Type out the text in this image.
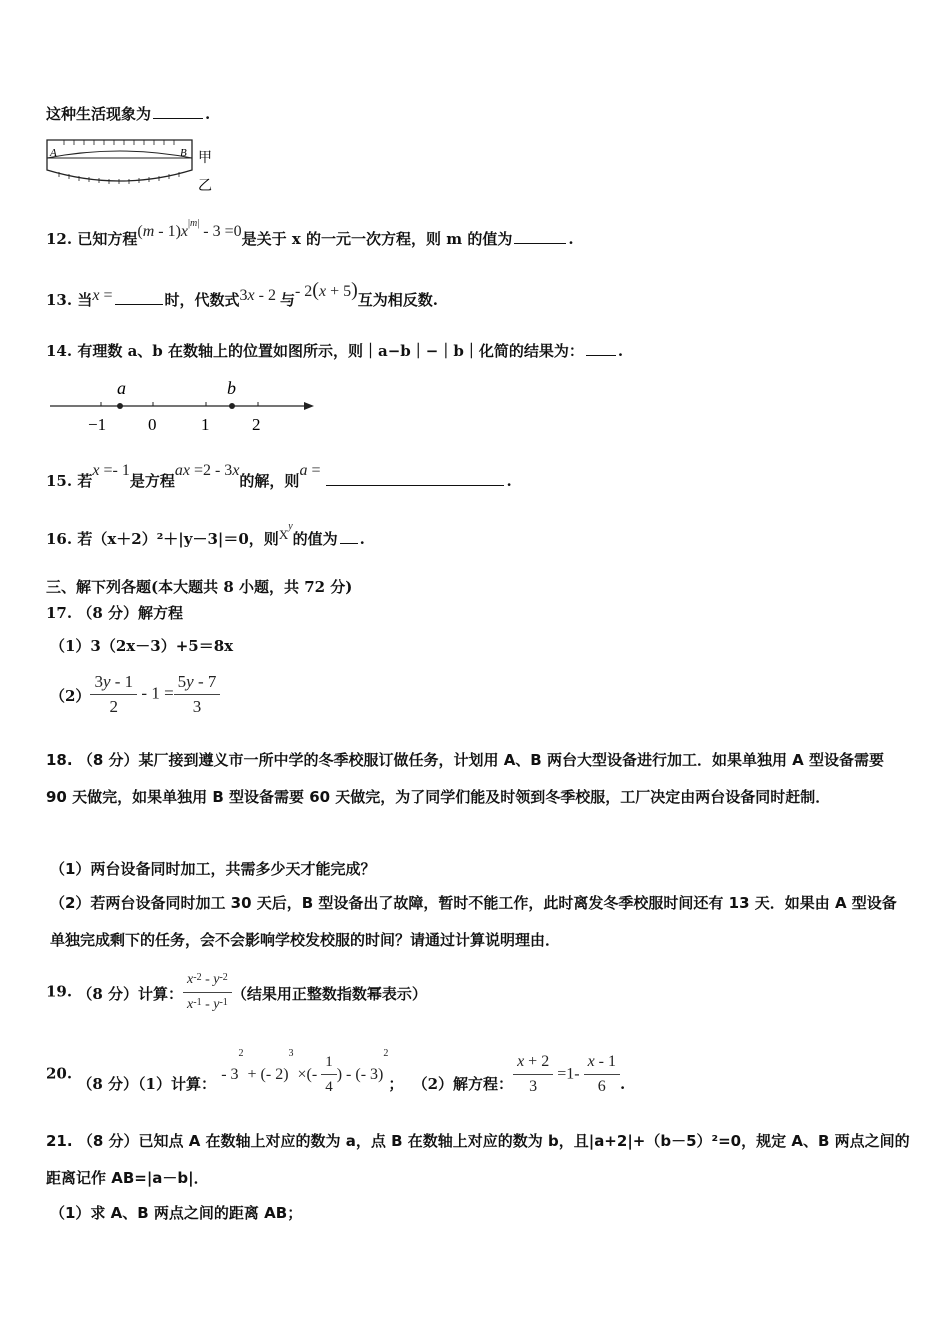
这种生活现象为	.
A	B 甲
乙
12. 已知方程$(m - 1)x^{|m|} - 3 =0$是关于 x 的一元一次方程，则 m 的值为	.
13. 当x =	时，代数式3x - 2 与- 2(x + 5)互为相反数.
14. 有理数 a、b 在数轴上的位置如图所示，则｜a−b｜−｜b｜化简的结果为： .
a	b
−1 0	1	2
15. 若x =- 1是方程ax =2 - 3x的解，则a = .
16. 若（x＋2）²＋|y－3|＝0，则$X^y$的值为 .
三、解下列各题(本大题共 8 小题，共 72 分)
17. （8 分）解方程
（1）3（2x－3）+5＝8x
$(2) \frac{3y - 1}{2} - 1 = \frac{5y - 7}{3}$
18. （8 分）某厂接到遵义市一所中学的冬季校服订做任务，计划用 A、B 两台大型设备进行加工．如果单独用 A 型设备需要 90 天做完，如果单独用 B 型设备需要 60 天做完，为了同学们能及时领到冬季校服，工厂决定由两台设备同时赶制．
（1）两台设备同时加工，共需多少天才能完成？
（2）若两台设备同时加工 30 天后，B 型设备出了故障，暂时不能工作，此时离发冬季校服时间还有 13 天．如果由 A 型设备单独完成剩下的任务，会不会影响学校发校服的时间？请通过计算说明理由．
19. （8 分）计算： $\frac{x^{-2} - y^{-2}}{x^{-1} - y^{-1}}$ （结果用正整数指数幂表示）
20. （8 分）（1）计算： - $3^2$ + (- 2)$^3$ ×(- $\frac{1}{4}$ ) - (- 3)$^2$； （2）解方程： $\frac{x + 2}{3} =1- \frac{x - 1}{6}$ .
21. （8 分）已知点 A 在数轴上对应的数为 a，点 B 在数轴上对应的数为 b，且|a+2|+（b－5）²=0，规定 A、B 两点之间的距离记作 AB=|a－b|．
（1）求 A、B 两点之间的距离 AB；
